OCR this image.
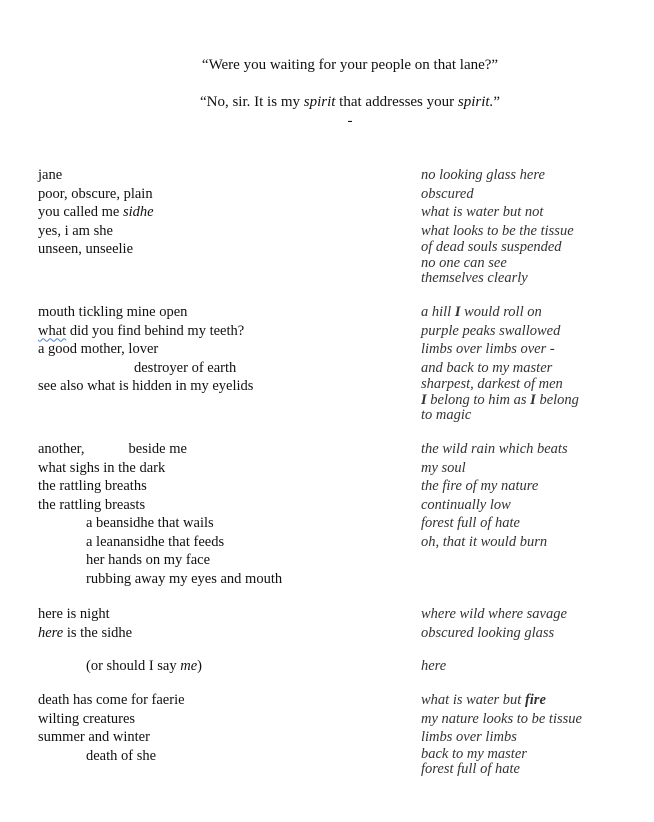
“Were you waiting for your people on that lane?”
“No, sir. It is my spirit that addresses your spirit.”
-
jane
poor, obscure, plain
you called me sidhe
yes, i am she
unseen, unseelie
mouth tickling mine open
what did you find behind my teeth?
a good mother, lover
destroyer of earth
see also what is hidden in my eyelids
another,	beside me
what sighs in the dark
the rattling breaths
the rattling breasts
a beansidhe that wails
a leanansidhe that feeds
her hands on my face
rubbing away my eyes and mouth
here is night
here is the sidhe
(or should I say me)
death has come for faerie
wilting creatures
summer and winter
death of she
no looking glass here
obscured
what is water but not
what looks to be the tissue
of dead souls suspended
no one can see
themselves clearly
a hill I would roll on
purple peaks swallowed
limbs over limbs over -
and back to my master
sharpest, darkest of men
I belong to him as I belong
to magic
the wild rain which beats
my soul
the fire of my nature
continually low
forest full of hate
oh, that it would burn
where wild where savage
obscured looking glass
here
what is water but fire
my nature looks to be tissue
limbs over limbs
back to my master
forest full of hate
